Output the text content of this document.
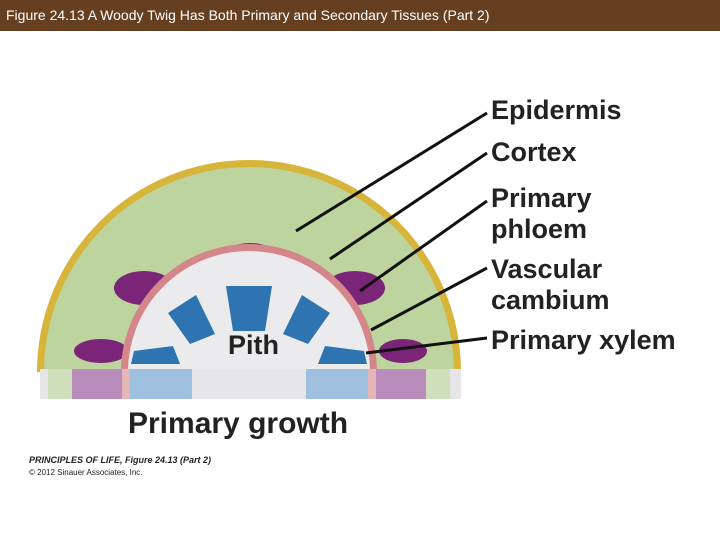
Figure 24.13 A Woody Twig Has Both Primary and Secondary Tissues (Part 2)
Epidermis
Cortex
Primary
phloem
Vascular
cambium
Primary xylem
Pith
Primary growth
PRINCIPLES OF LIFE, Figure 24.13 (Part 2)
© 2012 Sinauer Associates, Inc.
